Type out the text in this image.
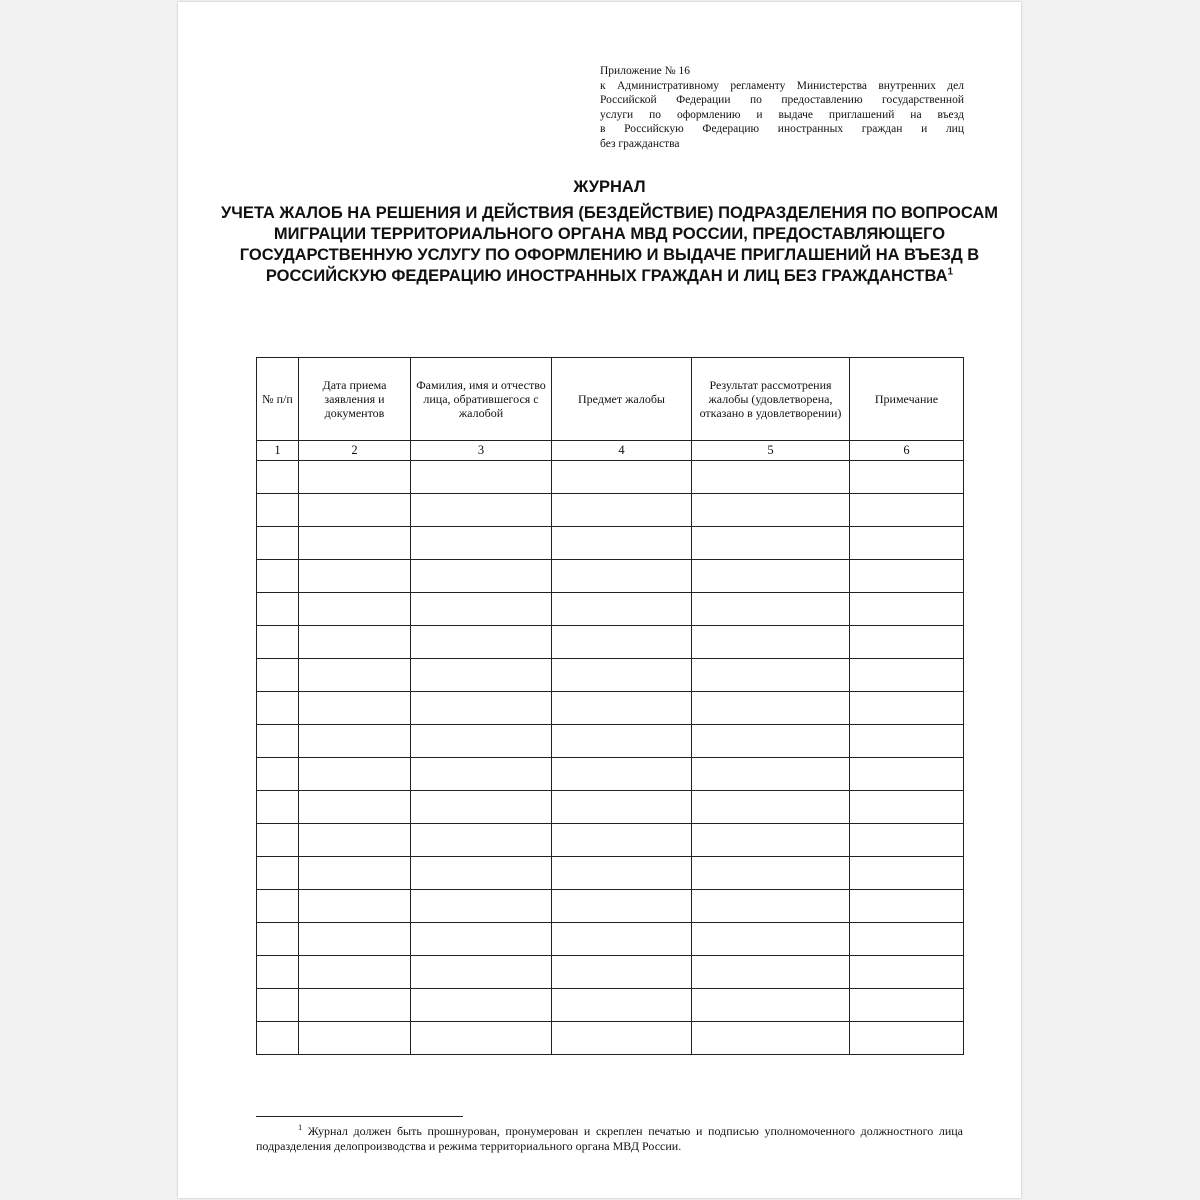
Приложение № 16
к Административному регламенту Министерства внутренних дел
Российской Федерации по предоставлению государственной
услуги по оформлению и выдаче приглашений на въезд
в Российскую Федерацию иностранных граждан и лиц
без гражданства
ЖУРНАЛ
УЧЕТА ЖАЛОБ НА РЕШЕНИЯ И ДЕЙСТВИЯ (БЕЗДЕЙСТВИЕ) ПОДРАЗДЕЛЕНИЯ ПО ВОПРОСАМ МИГРАЦИИ ТЕРРИТОРИАЛЬНОГО ОРГАНА МВД РОССИИ, ПРЕДОСТАВЛЯЮЩЕГО ГОСУДАРСТВЕННУЮ УСЛУГУ ПО ОФОРМЛЕНИЮ И ВЫДАЧЕ ПРИГЛАШЕНИЙ НА ВЪЕЗД В РОССИЙСКУЮ ФЕДЕРАЦИЮ ИНОСТРАННЫХ ГРАЖДАН И ЛИЦ БЕЗ ГРАЖДАНСТВА$^1$
№ п/п	Дата приема заявления и документов	Фамилия, имя и отчество лица, обратившегося с жалобой	Предмет жалобы	Результат рассмотрения жалобы (удовлетворена, отказано в удовлетворении)	Примечание
1	2	3	4	5	6

$^1$ Журнал должен быть прошнурован, пронумерован и скреплен печатью и подписью уполномоченного должностного лица подразделения делопроизводства и режима территориального органа МВД России.
